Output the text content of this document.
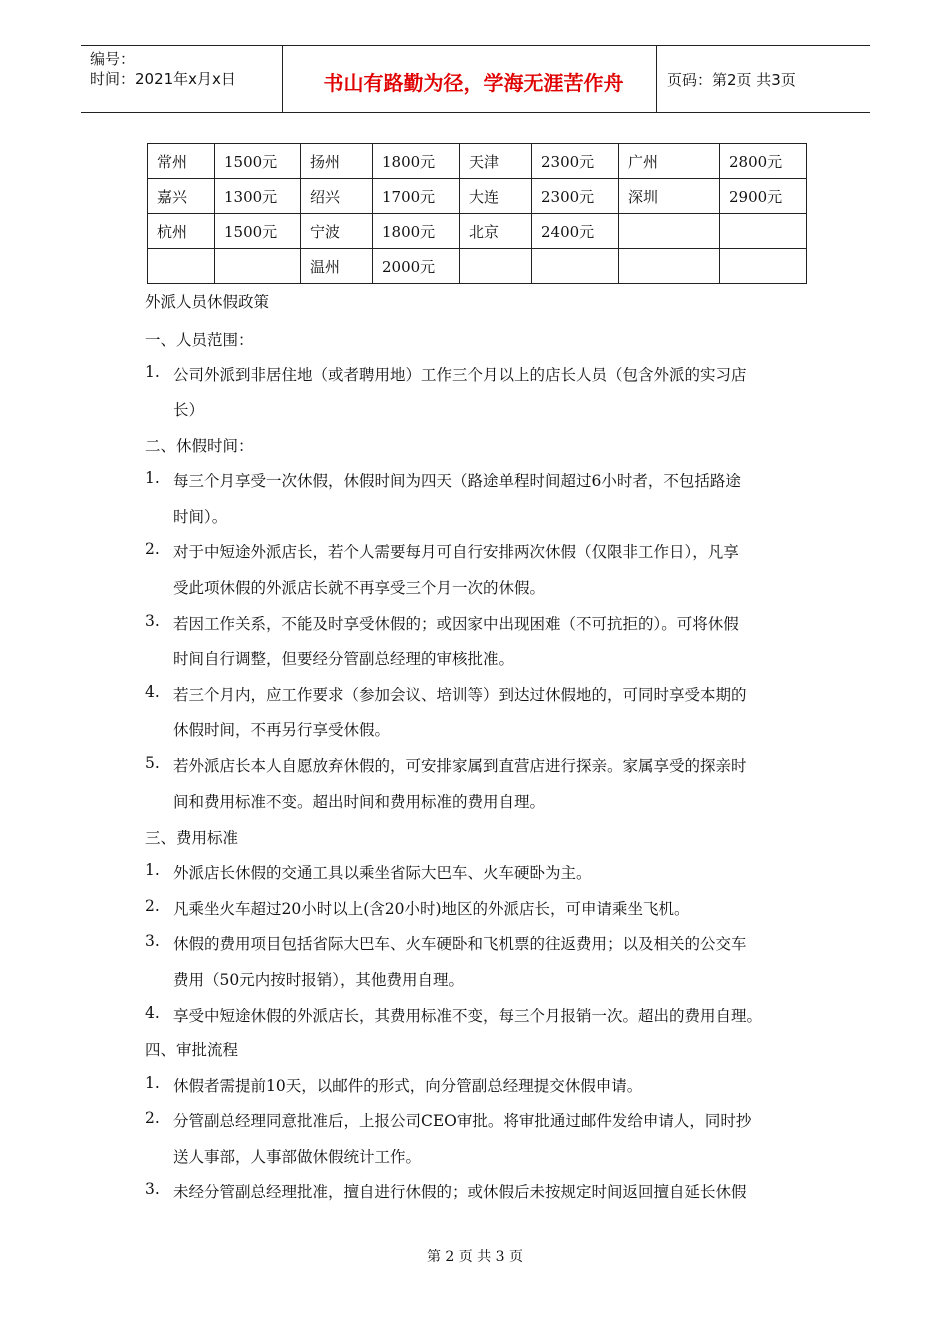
编号：
时间：2021年x月x日	书山有路勤为径，学海无涯苦作舟	页码：第2页 共3页
常州	1500元	扬州	1800元	天津	2300元	广州	2800元
嘉兴	1300元	绍兴	1700元	大连	2300元	深圳	2900元
杭州	1500元	宁波	1800元	北京	2400元		
		温州	2000元				
外派人员休假政策
一、人员范围：
1. 公司外派到非居住地（或者聘用地）工作三个月以上的店长人员（包含外派的实习店
长）
二、休假时间：
1. 每三个月享受一次休假，休假时间为四天（路途单程时间超过6小时者，不包括路途
时间）。
2. 对于中短途外派店长，若个人需要每月可自行安排两次休假（仅限非工作日），凡享
受此项休假的外派店长就不再享受三个月一次的休假。
3. 若因工作关系，不能及时享受休假的；或因家中出现困难（不可抗拒的）。可将休假
时间自行调整，但要经分管副总经理的审核批准。
4. 若三个月内，应工作要求（参加会议、培训等）到达过休假地的，可同时享受本期的
休假时间，不再另行享受休假。
5. 若外派店长本人自愿放弃休假的，可安排家属到直营店进行探亲。家属享受的探亲时
间和费用标准不变。超出时间和费用标准的费用自理。
三、费用标准
1. 外派店长休假的交通工具以乘坐省际大巴车、火车硬卧为主。
2. 凡乘坐火车超过20小时以上(含20小时)地区的外派店长，可申请乘坐飞机。
3. 休假的费用项目包括省际大巴车、火车硬卧和飞机票的往返费用；以及相关的公交车
费用（50元内按时报销），其他费用自理。
4. 享受中短途休假的外派店长，其费用标准不变，每三个月报销一次。超出的费用自理。
四、审批流程
1. 休假者需提前10天，以邮件的形式，向分管副总经理提交休假申请。
2. 分管副总经理同意批准后，上报公司CEO审批。将审批通过邮件发给申请人，同时抄
送人事部，人事部做休假统计工作。
3. 未经分管副总经理批准，擅自进行休假的；或休假后未按规定时间返回擅自延长休假
第 2 页 共 3 页
